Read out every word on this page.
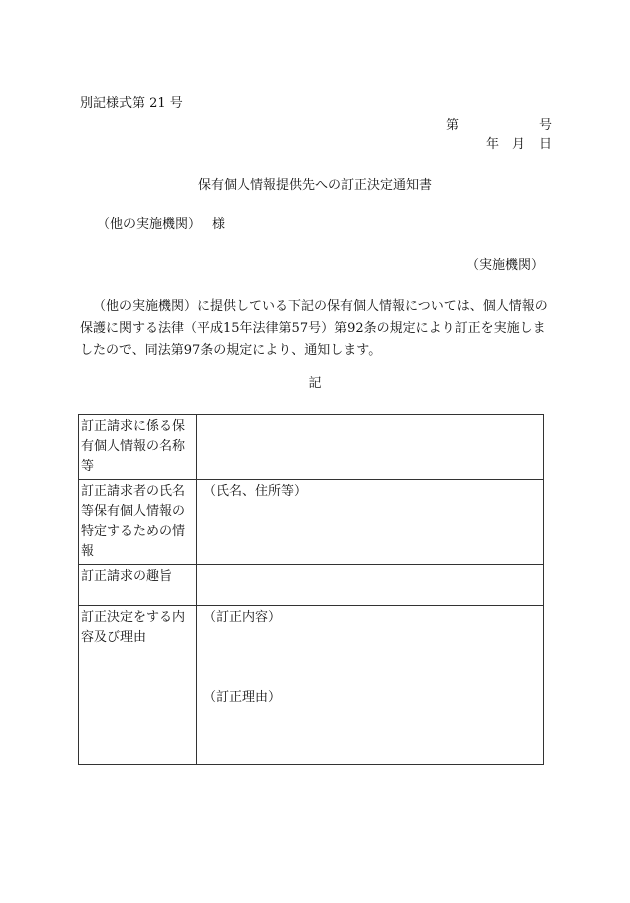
別記様式第 21 号
第	号
年 月 日
保有個人情報提供先への訂正決定通知書
（他の実施機関） 様
（実施機関）
（他の実施機関）に提供している下記の保有個人情報については、個人情報の保護に関する法律（平成15年法律第57号）第92条の規定により訂正を実施しましたので、同法第97条の規定により、通知します。
記
訂正請求に係る保有個人情報の名称等	

訂正請求者の氏名等保有個人情報の特定するための情報	（氏名、住所等）

訂正請求の趣旨	

訂正決定をする内容及び理由	（訂正内容）
（訂正理由）
